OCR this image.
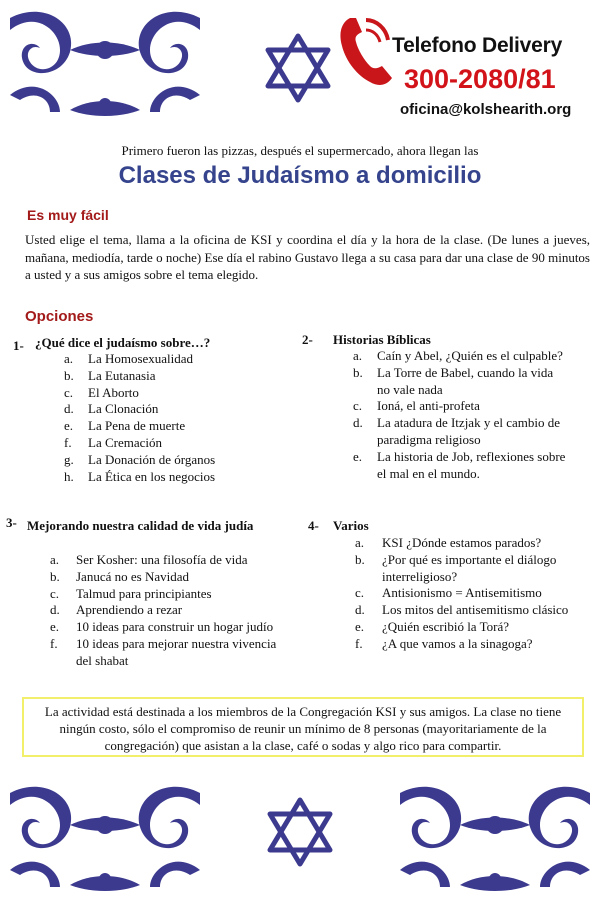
Telefono Delivery
300-2080/81
oficina@kolshearith.org
Primero fueron las pizzas, después el supermercado, ahora llegan las
Clases de Judaísmo a domicilio
Es muy fácil
Usted elige el tema, llama a la oficina de KSI y coordina el día y la hora de la clase. (De lunes a jueves, mañana, mediodía, tarde o noche) Ese día el rabino Gustavo llega a su casa para dar una clase de 90 minutos a usted y a sus amigos sobre el tema elegido.
Opciones
1- ¿Qué dice el judaísmo sobre…?
a.	La Homosexualidad
b.	La Eutanasia
c.	El Aborto
d.	La Clonación
e.	La Pena de muerte
f.	La Cremación
g.	La Donación de órganos
h.	La Ética en los negocios
2- Historias Bíblicas
a.	Caín y Abel, ¿Quién es el culpable?
b.	La Torre de Babel, cuando la vida no vale nada
c.	Ioná, el anti-profeta
d.	La atadura de Itzjak y el cambio de paradigma religioso
e.	La historia de Job, reflexiones sobre el mal en el mundo.
3- Mejorando nuestra calidad de vida judía
a.	Ser Kosher: una filosofía de vida
b.	Janucá no es Navidad
c.	Talmud para principiantes
d.	Aprendiendo a rezar
e.	10 ideas para construir un hogar judío
f.	10 ideas para mejorar nuestra vivencia del shabat
4- Varios
a.	KSI ¿Dónde estamos parados?
b.	¿Por qué es importante el diálogo interreligioso?
c.	Antisionismo = Antisemitismo
d.	Los mitos del antisemitismo clásico
e.	¿Quién escribió la Torá?
f.	¿A que vamos a la sinagoga?
La actividad está destinada a los miembros de la Congregación KSI y sus amigos. La clase no tiene ningún costo, sólo el compromiso de reunir un mínimo de 8 personas (mayoritariamente de la congregación) que asistan a la clase, café o sodas y algo rico para compartir.
